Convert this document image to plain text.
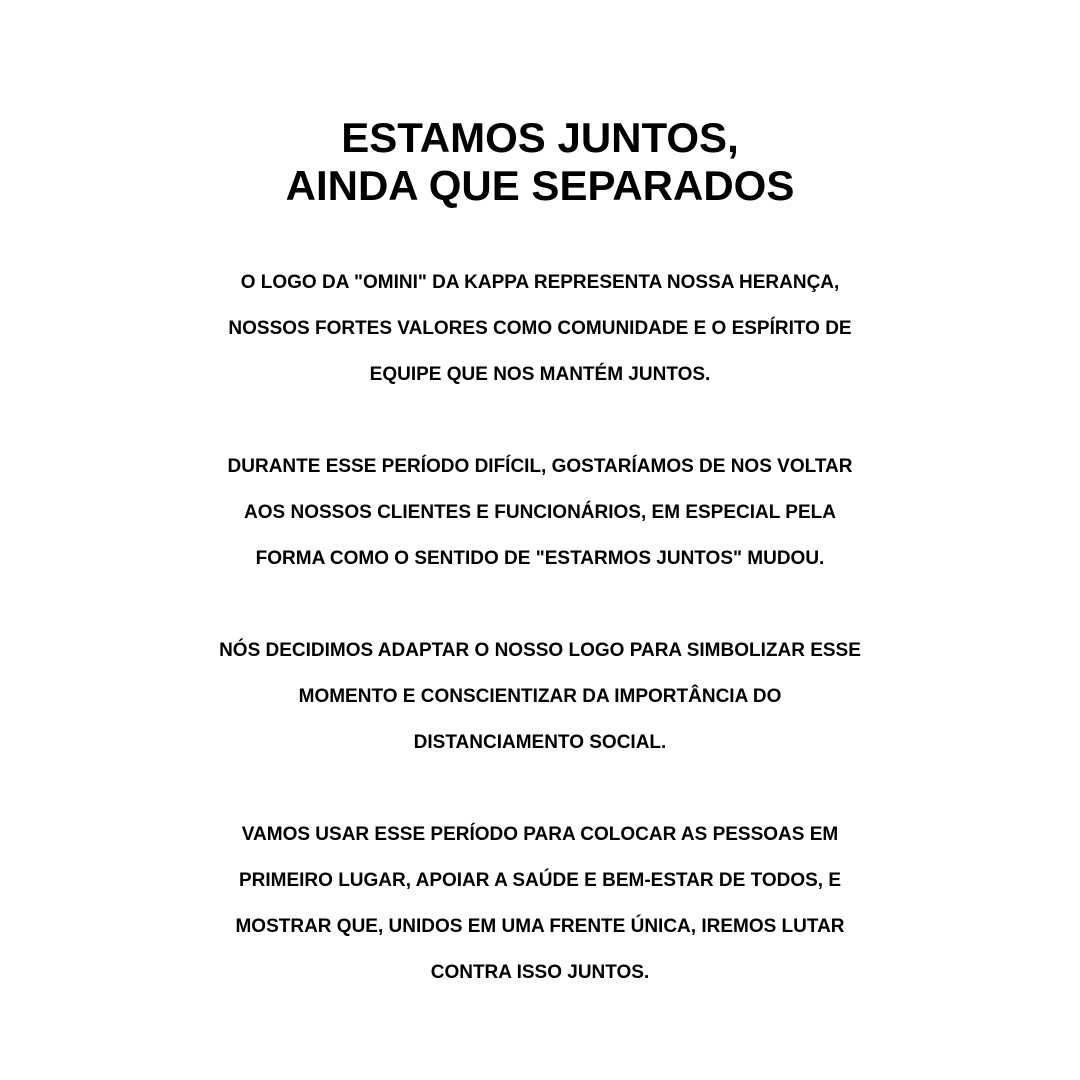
ESTAMOS JUNTOS,
AINDA QUE SEPARADOS

O LOGO DA "OMINI" DA KAPPA REPRESENTA NOSSA HERANÇA,
NOSSOS FORTES VALORES COMO COMUNIDADE E O ESPÍRITO DE
EQUIPE QUE NOS MANTÉM JUNTOS.

DURANTE ESSE PERÍODO DIFÍCIL, GOSTARÍAMOS DE NOS VOLTAR
AOS NOSSOS CLIENTES E FUNCIONÁRIOS, EM ESPECIAL PELA
FORMA COMO O SENTIDO DE "ESTARMOS JUNTOS" MUDOU.

NÓS DECIDIMOS ADAPTAR O NOSSO LOGO PARA SIMBOLIZAR ESSE
MOMENTO E CONSCIENTIZAR DA IMPORTÂNCIA DO
DISTANCIAMENTO SOCIAL.

VAMOS USAR ESSE PERÍODO PARA COLOCAR AS PESSOAS EM
PRIMEIRO LUGAR, APOIAR A SAÚDE E BEM-ESTAR DE TODOS, E
MOSTRAR QUE, UNIDOS EM UMA FRENTE ÚNICA, IREMOS LUTAR
CONTRA ISSO JUNTOS.
